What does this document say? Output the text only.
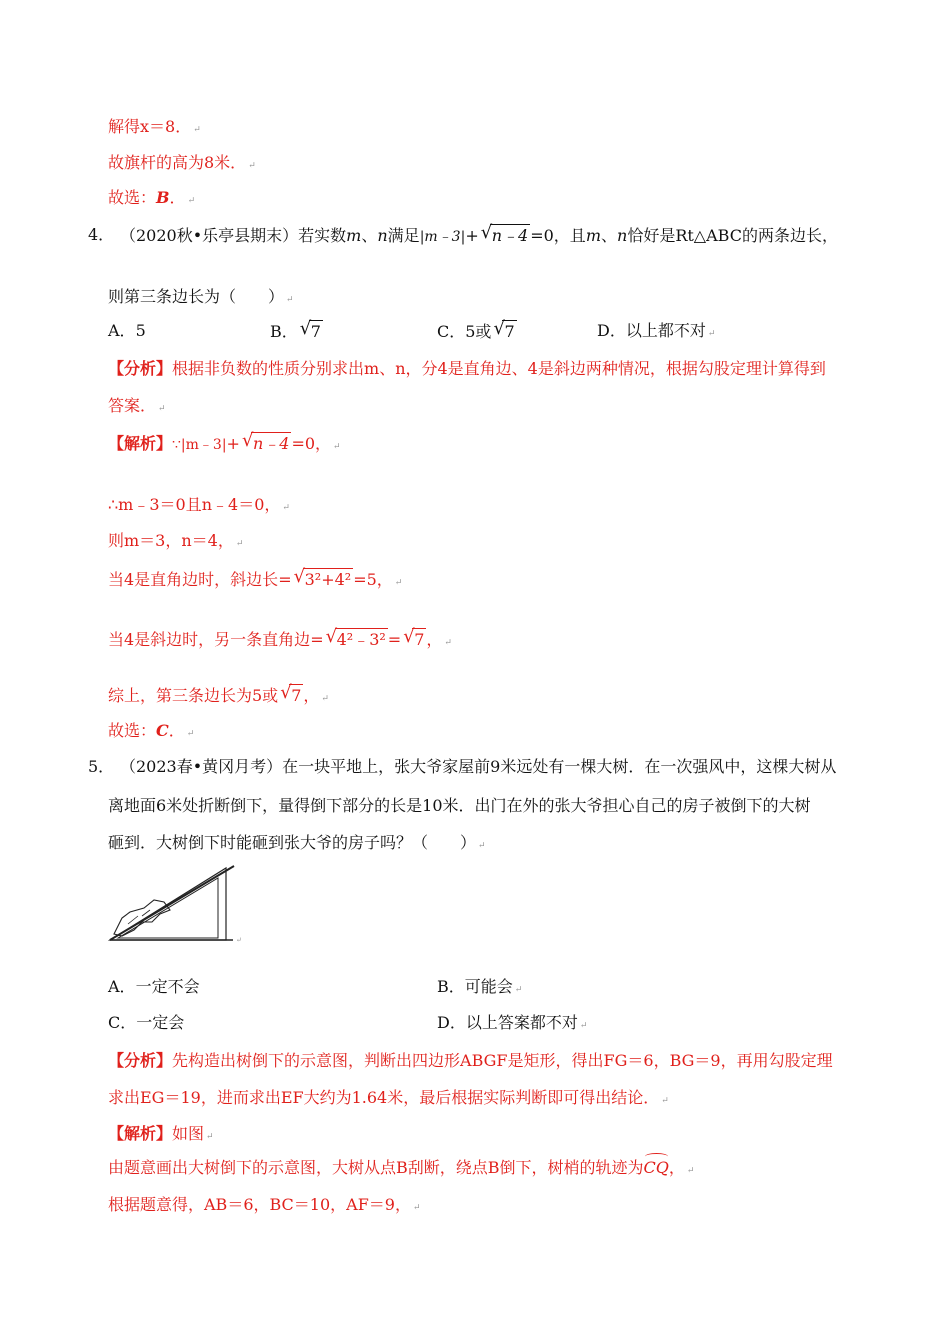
解得x＝8． ↵
故旗杆的高为8米． ↵
故选：B． ↵
4． （2020秋•乐亭县期末）若实数m、n满足|m﹣3|+ √ n﹣4 =0，且m、n恰好是Rt△ABC的两条边长，
则第三条边长为（　　） ↵
A．5	B． √ 7	C．5或 √ 7	D．以上都不对 ↵
【分析】根据非负数的性质分别求出m、n，分4是直角边、4是斜边两种情况，根据勾股定理计算得到
答案． ↵
【解析】∵|m﹣3|+ √ n﹣4 =0， ↵
∴m﹣3＝0且n﹣4＝0， ↵
则m＝3，n＝4， ↵
当4是直角边时，斜边长= √ 3²+4² =5， ↵
当4是斜边时，另一条直角边= √ 4²﹣3² = √ 7 ， ↵
综上，第三条边长为5或 √ 7 ， ↵
故选：C． ↵
5． （2023春•黄冈月考）在一块平地上，张大爷家屋前9米远处有一棵大树．在一次强风中，这棵大树从
离地面6米处折断倒下，量得倒下部分的长是10米．出门在外的张大爷担心自己的房子被倒下的大树
砸到．大树倒下时能砸到张大爷的房子吗？（　　） ↵
↵
A．一定不会	B．可能会 ↵
C．一定会	D．以上答案都不对 ↵
【分析】先构造出树倒下的示意图，判断出四边形ABGF是矩形，得出FG＝6，BG＝9，再用勾股定理
求出EG＝19，进而求出EF大约为1.64米，最后根据实际判断即可得出结论． ↵
【解析】如图 ↵
由题意画出大树倒下的示意图，大树从点B刮断，绕点B倒下，树梢的轨迹为CQ， ↵
根据题意得，AB＝6，BC＝10，AF＝9， ↵
